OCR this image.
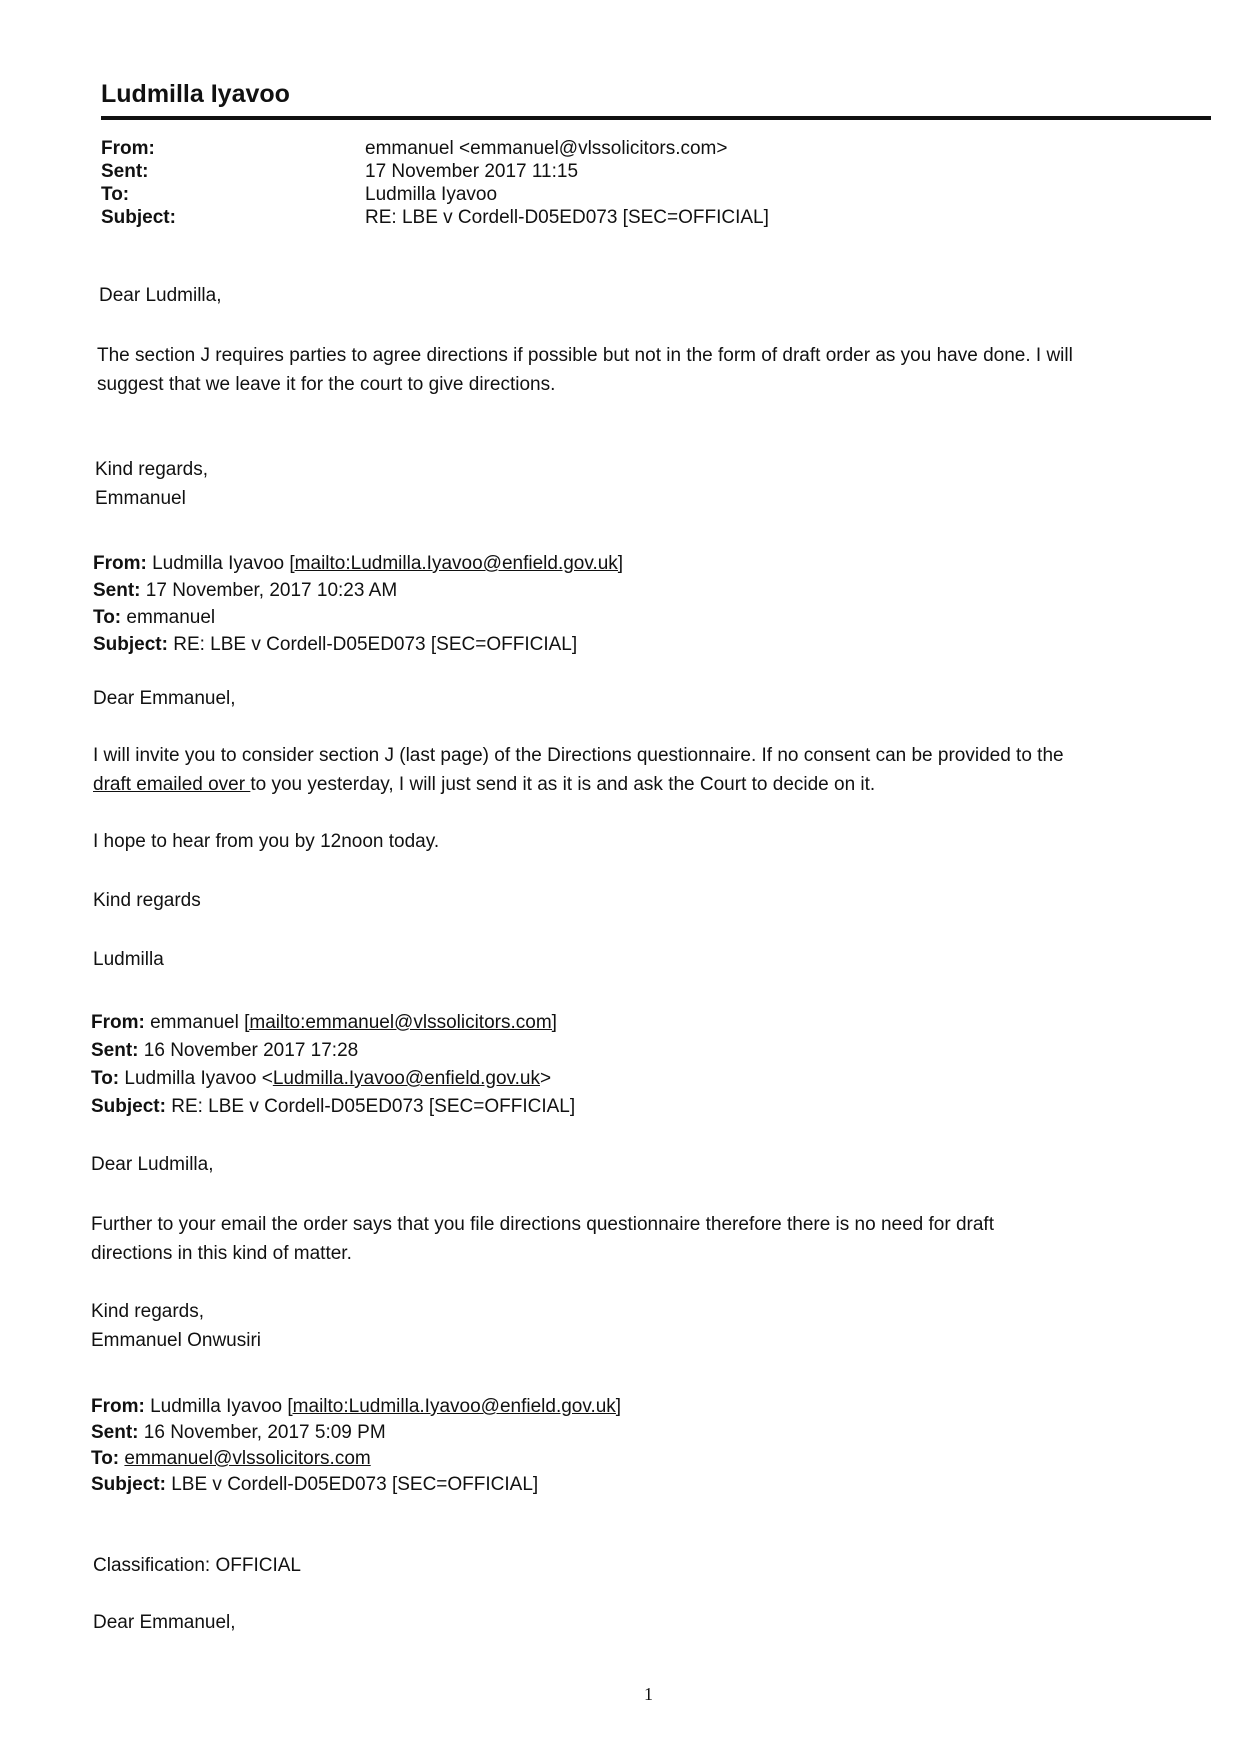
Ludmilla Iyavoo
From:	emmanuel <emmanuel@vlssolicitors.com>
Sent:	17 November 2017 11:15
To:	Ludmilla Iyavoo
Subject:	RE: LBE v Cordell-D05ED073 [SEC=OFFICIAL]
Dear Ludmilla,
The section J requires parties to agree directions if possible but not in the form of draft order as you have done. I will
suggest that we leave it for the court to give directions.
Kind regards,
Emmanuel
From: Ludmilla Iyavoo [mailto:Ludmilla.Iyavoo@enfield.gov.uk]
Sent: 17 November, 2017 10:23 AM
To: emmanuel
Subject: RE: LBE v Cordell-D05ED073 [SEC=OFFICIAL]
Dear Emmanuel,
I will invite you to consider section J (last page) of the Directions questionnaire. If no consent can be provided to the
draft emailed over to you yesterday, I will just send it as it is and ask the Court to decide on it.
I hope to hear from you by 12noon today.
Kind regards
Ludmilla
From: emmanuel [mailto:emmanuel@vlssolicitors.com]
Sent: 16 November 2017 17:28
To: Ludmilla Iyavoo <Ludmilla.Iyavoo@enfield.gov.uk>
Subject: RE: LBE v Cordell-D05ED073 [SEC=OFFICIAL]
Dear Ludmilla,
Further to your email the order says that you file directions questionnaire therefore there is no need for draft
directions in this kind of matter.
Kind regards,
Emmanuel Onwusiri
From: Ludmilla Iyavoo [mailto:Ludmilla.Iyavoo@enfield.gov.uk]
Sent: 16 November, 2017 5:09 PM
To: emmanuel@vlssolicitors.com
Subject: LBE v Cordell-D05ED073 [SEC=OFFICIAL]
Classification: OFFICIAL
Dear Emmanuel,
1
